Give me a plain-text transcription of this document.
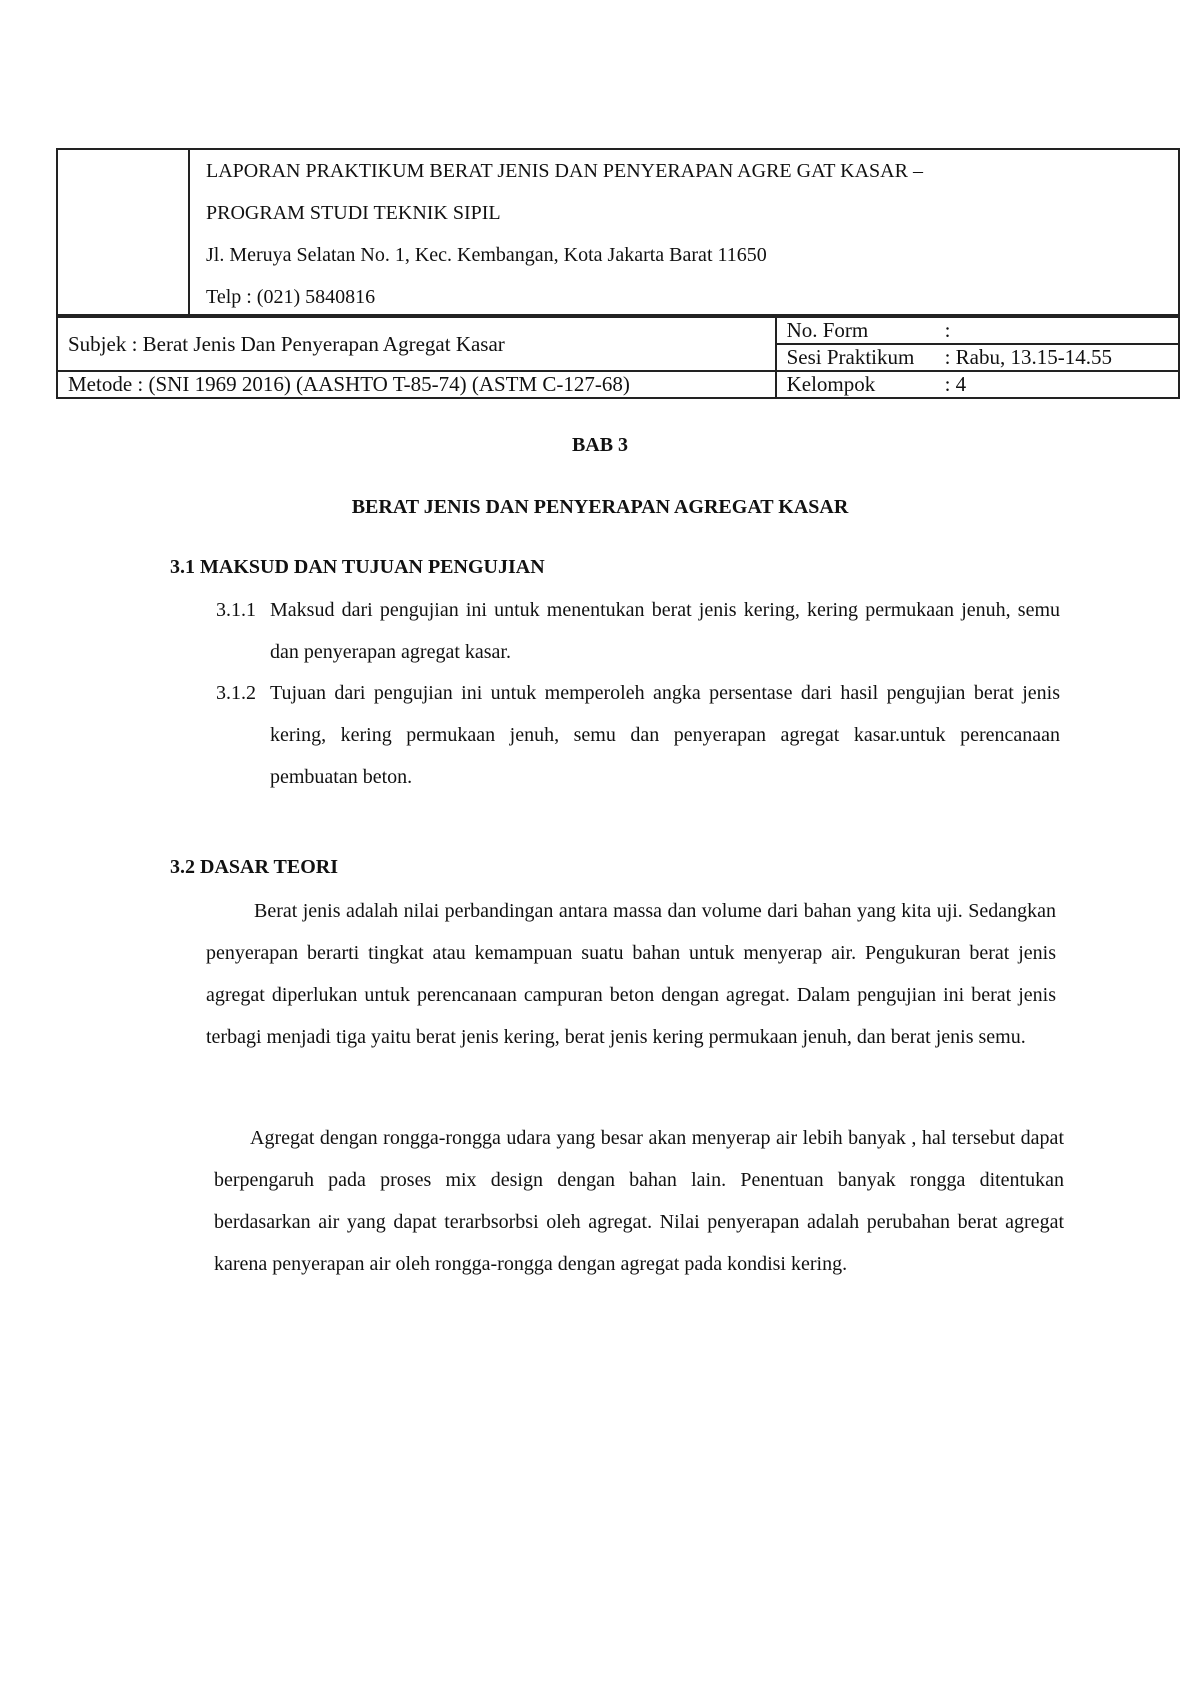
LAPORAN PRAKTIKUM BERAT JENIS DAN PENYERAPAN AGRE GAT KASAR –
PROGRAM STUDI TEKNIK SIPIL
Jl. Meruya Selatan No. 1, Kec. Kembangan, Kota Jakarta Barat 11650
Telp : (021) 5840816
Subjek : Berat Jenis Dan Penyerapan Agregat Kasar	No. Form :
	Sesi Praktikum : Rabu, 13.15-14.55
Metode : (SNI 1969 2016) (AASHTO T-85-74) (ASTM C-127-68)	Kelompok : 4
BAB 3
BERAT JENIS DAN PENYERAPAN AGREGAT KASAR
3.1 MAKSUD DAN TUJUAN PENGUJIAN
3.1.1 Maksud dari pengujian ini untuk menentukan berat jenis kering, kering permukaan jenuh, semu dan penyerapan agregat kasar.
3.1.2 Tujuan dari pengujian ini untuk memperoleh angka persentase dari hasil pengujian berat jenis kering, kering permukaan jenuh, semu dan penyerapan agregat kasar.untuk perencanaan pembuatan beton.
3.2 DASAR TEORI
Berat jenis adalah nilai perbandingan antara massa dan volume dari bahan yang kita uji. Sedangkan penyerapan berarti tingkat atau kemampuan suatu bahan untuk menyerap air. Pengukuran berat jenis agregat diperlukan untuk perencanaan campuran beton dengan agregat. Dalam pengujian ini berat jenis terbagi menjadi tiga yaitu berat jenis kering, berat jenis kering permukaan jenuh, dan berat jenis semu.
Agregat dengan rongga-rongga udara yang besar akan menyerap air lebih banyak , hal tersebut dapat berpengaruh pada proses mix design dengan bahan lain. Penentuan banyak rongga ditentukan berdasarkan air yang dapat terarbsorbsi oleh agregat. Nilai penyerapan adalah perubahan berat agregat karena penyerapan air oleh rongga-rongga dengan agregat pada kondisi kering.
